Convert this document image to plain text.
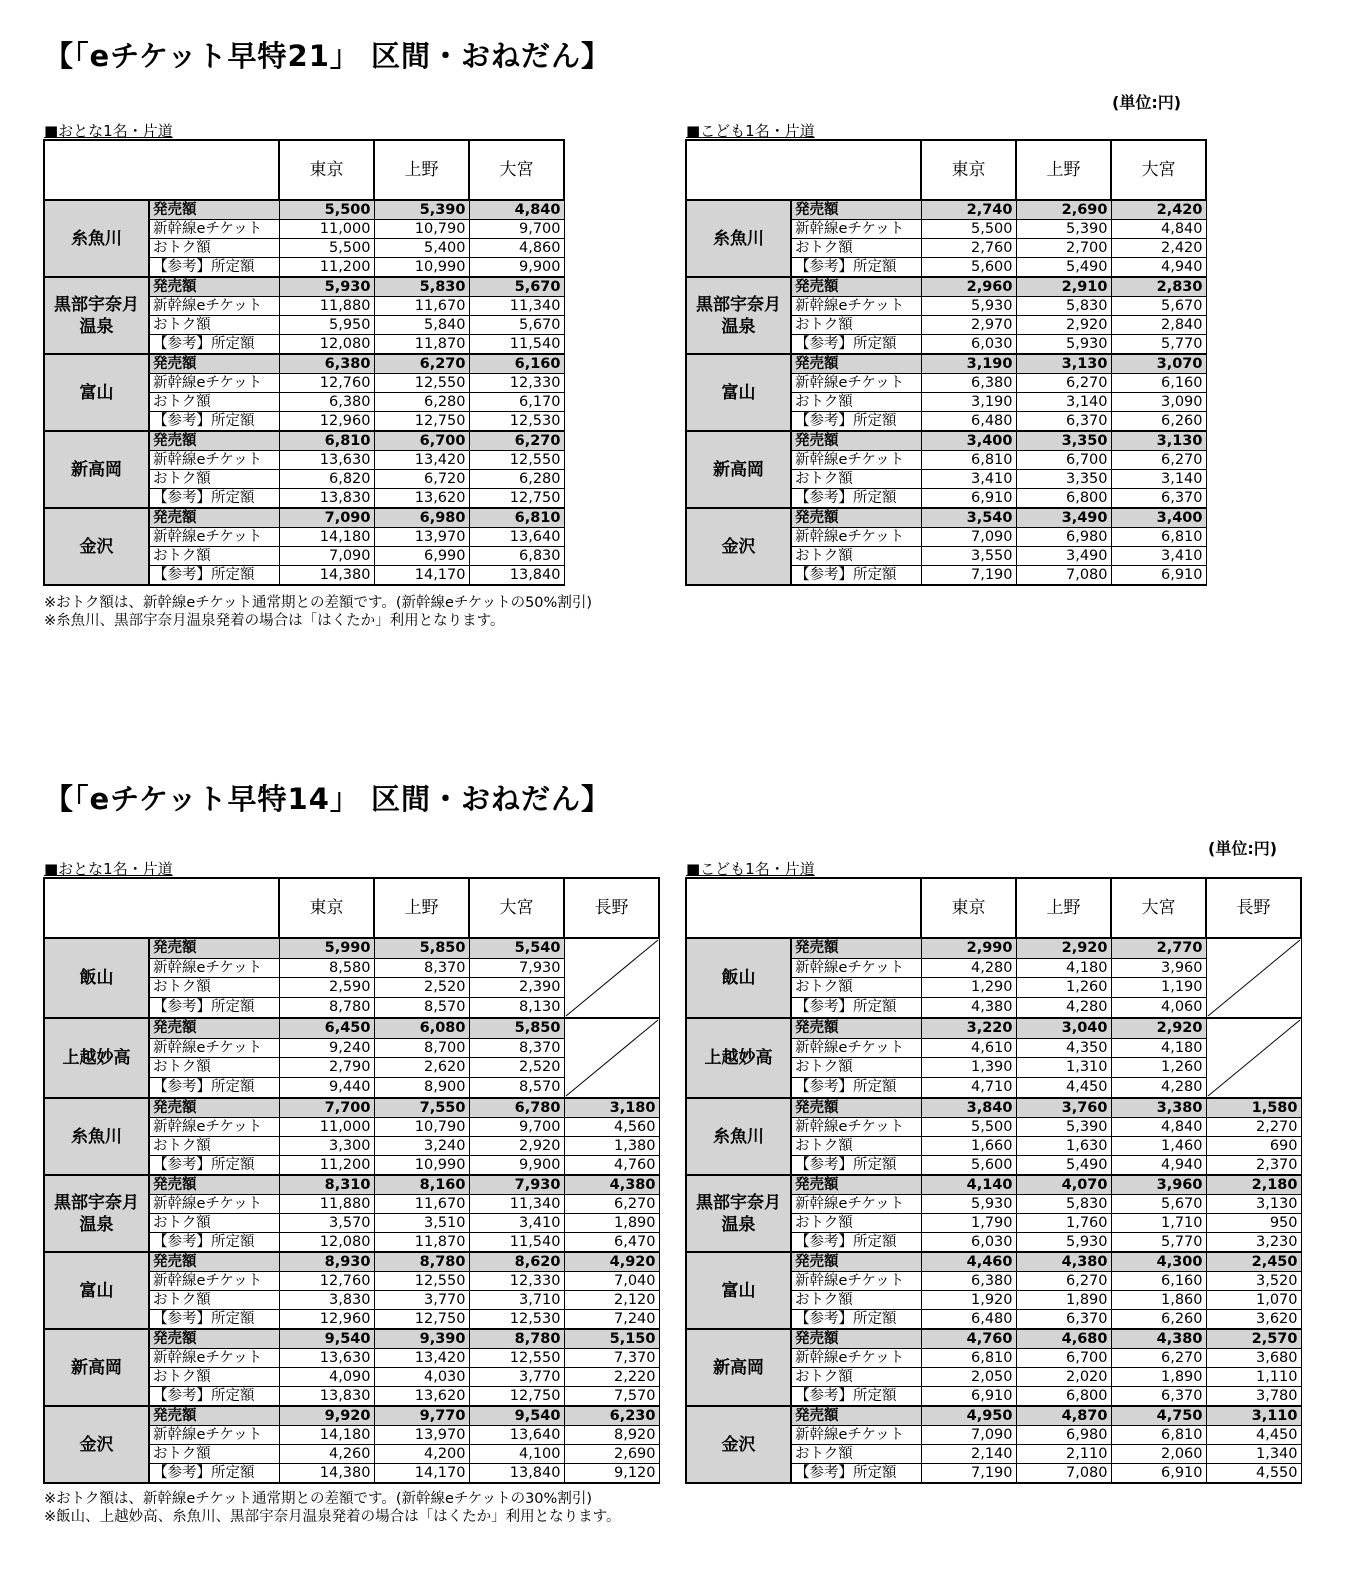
【「eチケット早特21」 区間・おねだん】
(単位:円)
■おとな1名・片道	■こども1名・片道
		東京	上野	大宮
糸魚川	発売額	5,500	5,390	4,840
	新幹線eチケット	11,000	10,790	9,700
	おトク額	5,500	5,400	4,860
	【参考】所定額	11,200	10,990	9,900
黒部宇奈月
温泉	発売額	5,930	5,830	5,670
	新幹線eチケット	11,880	11,670	11,340
	おトク額	5,950	5,840	5,670
	【参考】所定額	12,080	11,870	11,540
富山	発売額	6,380	6,270	6,160
	新幹線eチケット	12,760	12,550	12,330
	おトク額	6,380	6,280	6,170
	【参考】所定額	12,960	12,750	12,530
新高岡	発売額	6,810	6,700	6,270
	新幹線eチケット	13,630	13,420	12,550
	おトク額	6,820	6,720	6,280
	【参考】所定額	13,830	13,620	12,750
金沢	発売額	7,090	6,980	6,810
	新幹線eチケット	14,180	13,970	13,640
	おトク額	7,090	6,990	6,830
	【参考】所定額	14,380	14,170	13,840
		東京	上野	大宮
糸魚川	発売額	2,740	2,690	2,420
	新幹線eチケット	5,500	5,390	4,840
	おトク額	2,760	2,700	2,420
	【参考】所定額	5,600	5,490	4,940
黒部宇奈月
温泉	発売額	2,960	2,910	2,830
	新幹線eチケット	5,930	5,830	5,670
	おトク額	2,970	2,920	2,840
	【参考】所定額	6,030	5,930	5,770
富山	発売額	3,190	3,130	3,070
	新幹線eチケット	6,380	6,270	6,160
	おトク額	3,190	3,140	3,090
	【参考】所定額	6,480	6,370	6,260
新高岡	発売額	3,400	3,350	3,130
	新幹線eチケット	6,810	6,700	6,270
	おトク額	3,410	3,350	3,140
	【参考】所定額	6,910	6,800	6,370
金沢	発売額	3,540	3,490	3,400
	新幹線eチケット	7,090	6,980	6,810
	おトク額	3,550	3,490	3,410
	【参考】所定額	7,190	7,080	6,910
※おトク額は、新幹線eチケット通常期との差額です。(新幹線eチケットの50%割引)
※糸魚川、黒部宇奈月温泉発着の場合は「はくたか」利用となります。
【「eチケット早特14」 区間・おねだん】
(単位:円)
■おとな1名・片道	■こども1名・片道
		東京	上野	大宮	長野
飯山	発売額	5,990	5,850	5,540	

	新幹線eチケット	8,580	8,370	7,930	
	おトク額	2,590	2,520	2,390	
	【参考】所定額	8,780	8,570	8,130	
上越妙高	発売額	6,450	6,080	5,850	

	新幹線eチケット	9,240	8,700	8,370	
	おトク額	2,790	2,620	2,520	
	【参考】所定額	9,440	8,900	8,570	
糸魚川	発売額	7,700	7,550	6,780	3,180
	新幹線eチケット	11,000	10,790	9,700	4,560
	おトク額	3,300	3,240	2,920	1,380
	【参考】所定額	11,200	10,990	9,900	4,760
黒部宇奈月
温泉	発売額	8,310	8,160	7,930	4,380
	新幹線eチケット	11,880	11,670	11,340	6,270
	おトク額	3,570	3,510	3,410	1,890
	【参考】所定額	12,080	11,870	11,540	6,470
富山	発売額	8,930	8,780	8,620	4,920
	新幹線eチケット	12,760	12,550	12,330	7,040
	おトク額	3,830	3,770	3,710	2,120
	【参考】所定額	12,960	12,750	12,530	7,240
新高岡	発売額	9,540	9,390	8,780	5,150
	新幹線eチケット	13,630	13,420	12,550	7,370
	おトク額	4,090	4,030	3,770	2,220
	【参考】所定額	13,830	13,620	12,750	7,570
金沢	発売額	9,920	9,770	9,540	6,230
	新幹線eチケット	14,180	13,970	13,640	8,920
	おトク額	4,260	4,200	4,100	2,690
	【参考】所定額	14,380	14,170	13,840	9,120
		東京	上野	大宮	長野
飯山	発売額	2,990	2,920	2,770	

	新幹線eチケット	4,280	4,180	3,960	
	おトク額	1,290	1,260	1,190	
	【参考】所定額	4,380	4,280	4,060	
上越妙高	発売額	3,220	3,040	2,920	

	新幹線eチケット	4,610	4,350	4,180	
	おトク額	1,390	1,310	1,260	
	【参考】所定額	4,710	4,450	4,280	
糸魚川	発売額	3,840	3,760	3,380	1,580
	新幹線eチケット	5,500	5,390	4,840	2,270
	おトク額	1,660	1,630	1,460	690
	【参考】所定額	5,600	5,490	4,940	2,370
黒部宇奈月
温泉	発売額	4,140	4,070	3,960	2,180
	新幹線eチケット	5,930	5,830	5,670	3,130
	おトク額	1,790	1,760	1,710	950
	【参考】所定額	6,030	5,930	5,770	3,230
富山	発売額	4,460	4,380	4,300	2,450
	新幹線eチケット	6,380	6,270	6,160	3,520
	おトク額	1,920	1,890	1,860	1,070
	【参考】所定額	6,480	6,370	6,260	3,620
新高岡	発売額	4,760	4,680	4,380	2,570
	新幹線eチケット	6,810	6,700	6,270	3,680
	おトク額	2,050	2,020	1,890	1,110
	【参考】所定額	6,910	6,800	6,370	3,780
金沢	発売額	4,950	4,870	4,750	3,110
	新幹線eチケット	7,090	6,980	6,810	4,450
	おトク額	2,140	2,110	2,060	1,340
	【参考】所定額	7,190	7,080	6,910	4,550
※おトク額は、新幹線eチケット通常期との差額です。(新幹線eチケットの30%割引)
※飯山、上越妙高、糸魚川、黒部宇奈月温泉発着の場合は「はくたか」利用となります。
